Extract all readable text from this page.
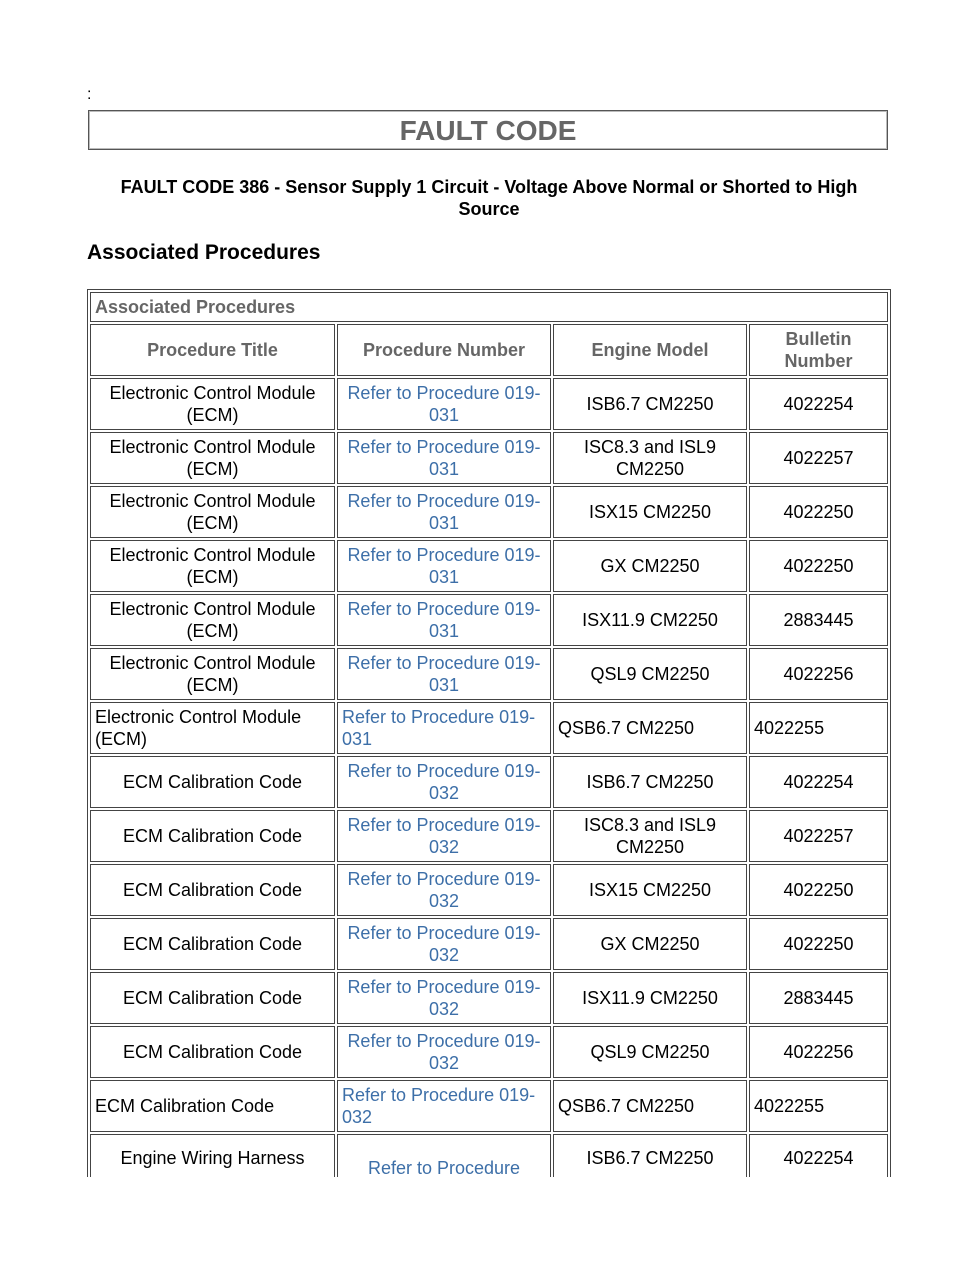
:
FAULT CODE
FAULT CODE 386 - Sensor Supply 1 Circuit - Voltage Above Normal or Shorted to High Source
Associated Procedures
Associated Procedures			
Procedure Title	Procedure Number	Engine Model	Bulletin Number
Electronic Control Module (ECM)	Refer to Procedure 019-031	ISB6.7 CM2250	4022254
Electronic Control Module (ECM)	Refer to Procedure 019-031	ISC8.3 and ISL9 CM2250	4022257
Electronic Control Module (ECM)	Refer to Procedure 019-031	ISX15 CM2250	4022250
Electronic Control Module (ECM)	Refer to Procedure 019-031	GX CM2250	4022250
Electronic Control Module (ECM)	Refer to Procedure 019-031	ISX11.9 CM2250	2883445
Electronic Control Module (ECM)	Refer to Procedure 019-031	QSL9 CM2250	4022256
Electronic Control Module (ECM)	Refer to Procedure 019-031	QSB6.7 CM2250	4022255
ECM Calibration Code	Refer to Procedure 019-032	ISB6.7 CM2250	4022254
ECM Calibration Code	Refer to Procedure 019-032	ISC8.3 and ISL9 CM2250	4022257
ECM Calibration Code	Refer to Procedure 019-032	ISX15 CM2250	4022250
ECM Calibration Code	Refer to Procedure 019-032	GX CM2250	4022250
ECM Calibration Code	Refer to Procedure 019-032	ISX11.9 CM2250	2883445
ECM Calibration Code	Refer to Procedure 019-032	QSL9 CM2250	4022256
ECM Calibration Code	Refer to Procedure 019-032	QSB6.7 CM2250	4022255
Engine Wiring Harness	Refer to Procedure	ISB6.7 CM2250	4022254
